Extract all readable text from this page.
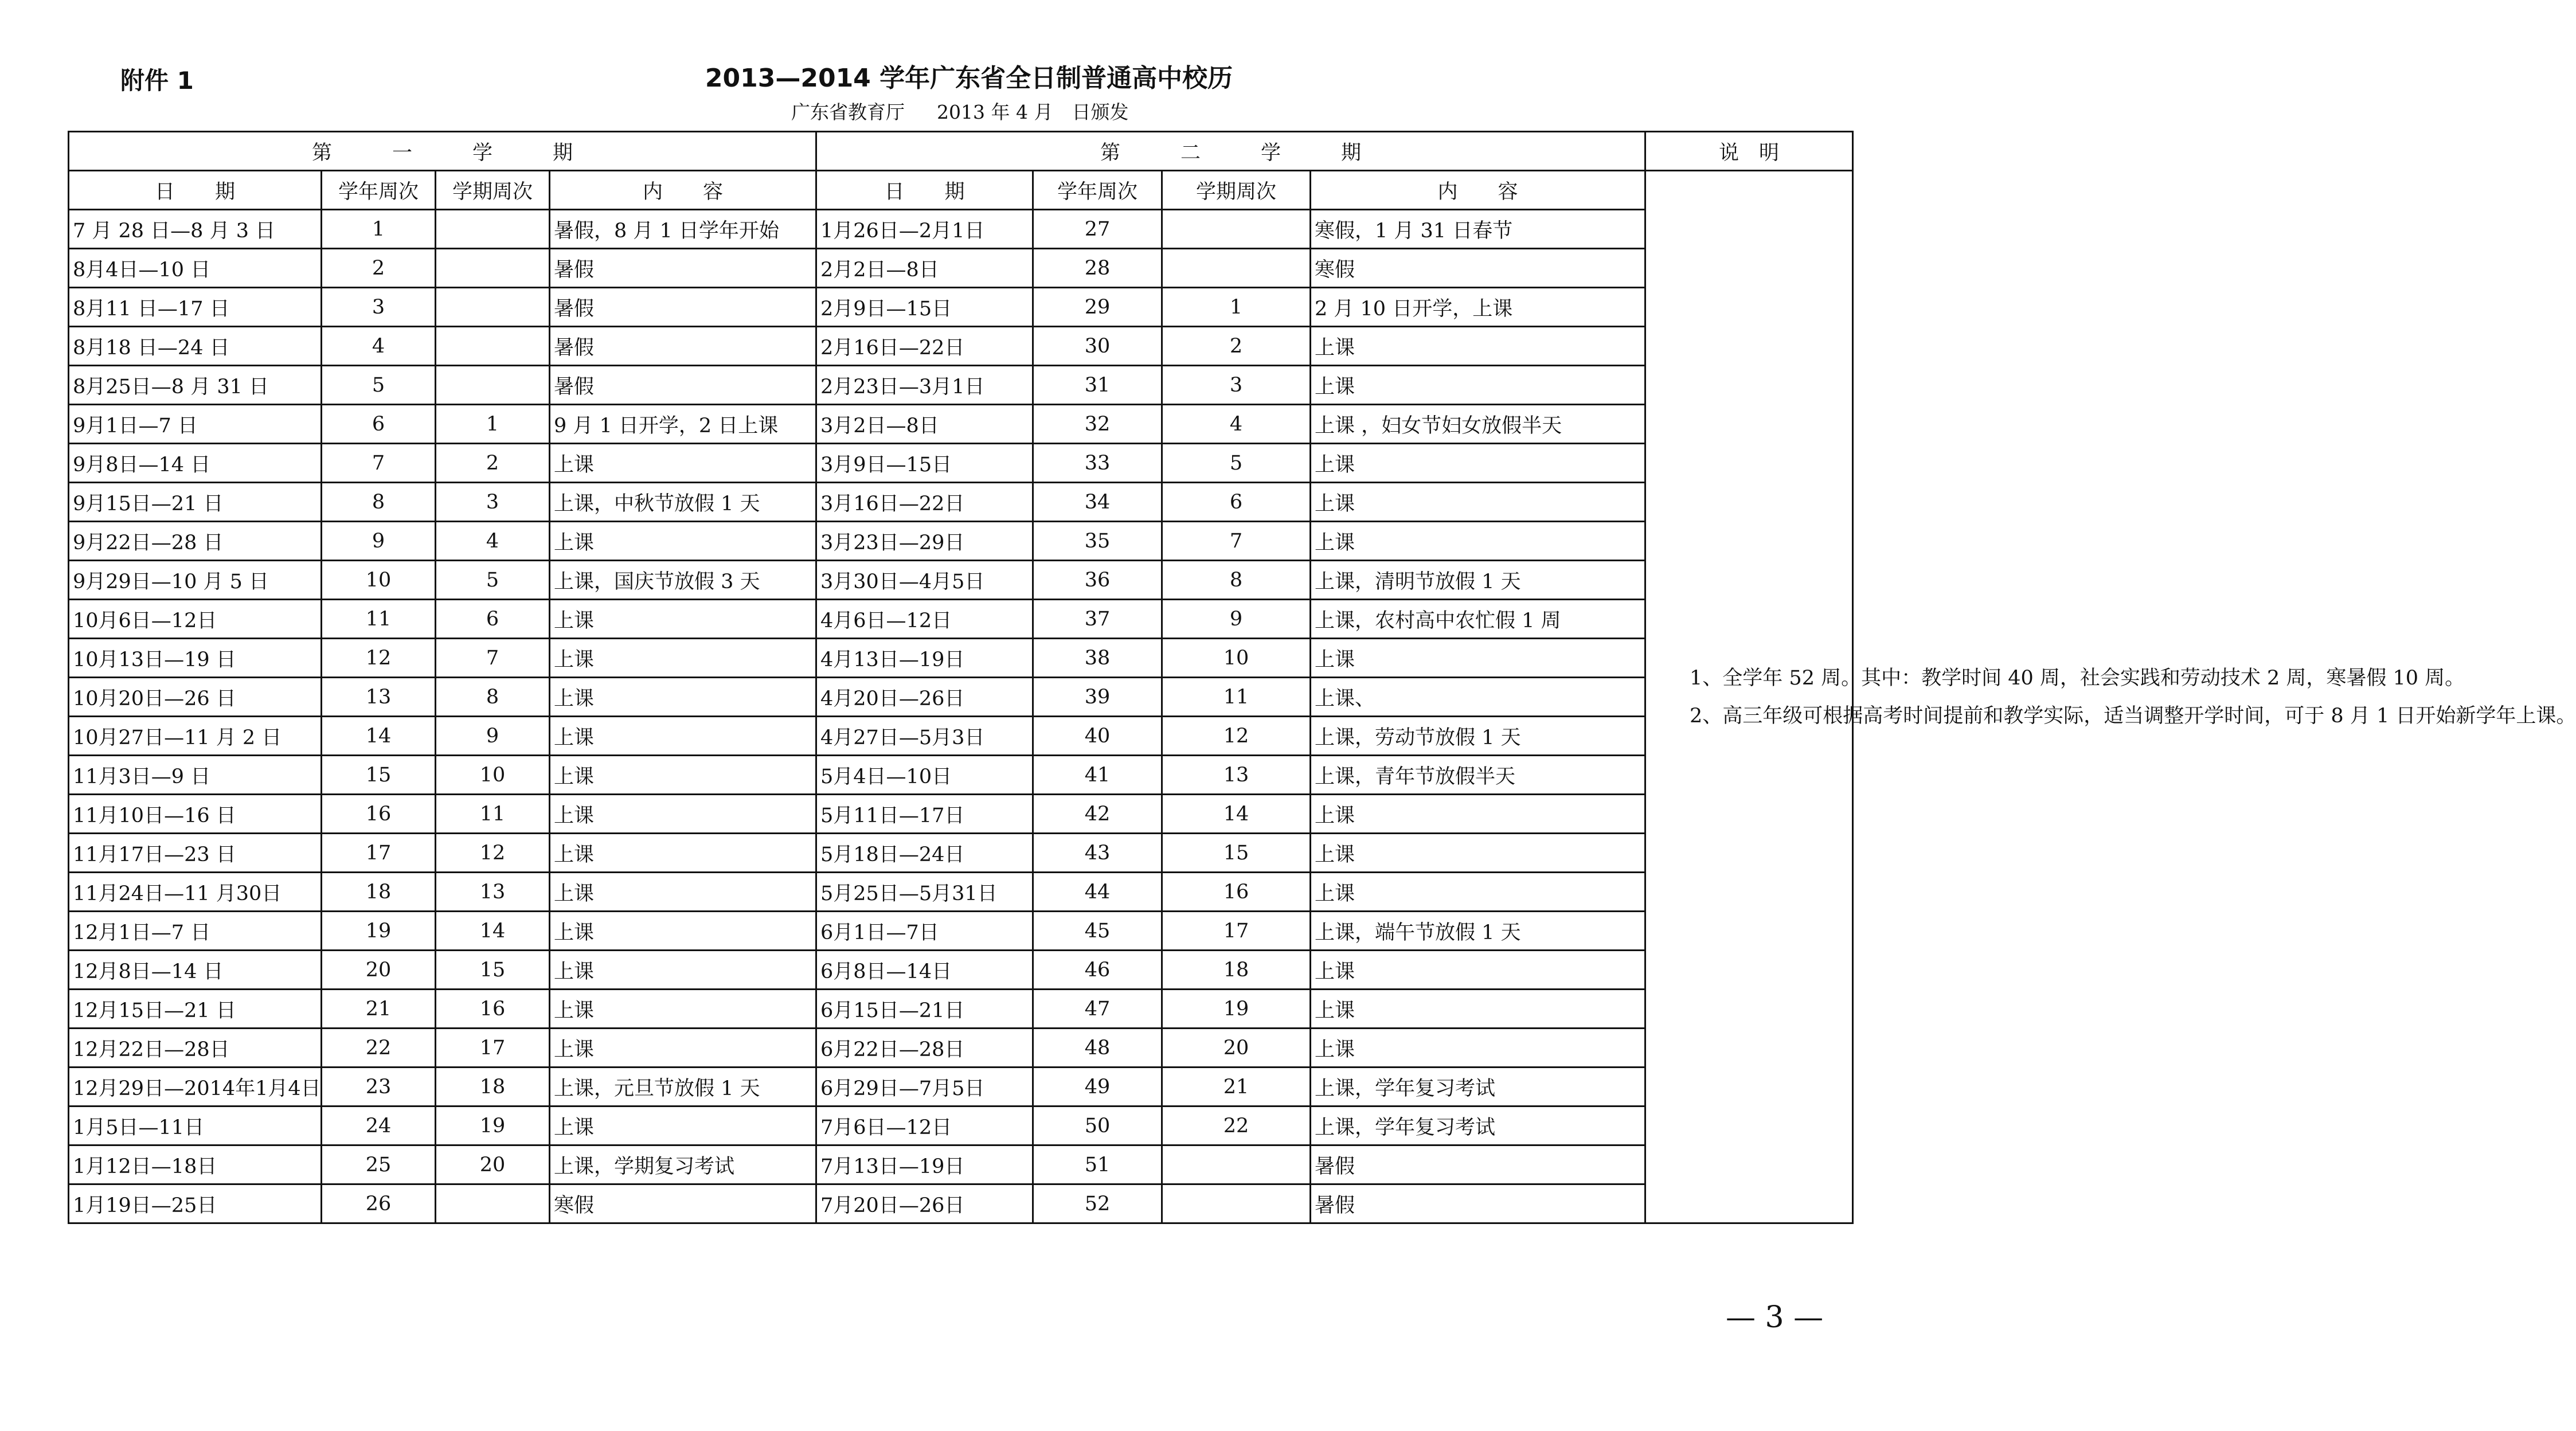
附件 1	2013—2014 学年广东省全日制普通高中校历
广东省教育厅 2013 年 4 月　日颁发
第　　　一　　　学　　　期				第　　　二　　　学　　　期				说　明
日　　期	学年周次	学期周次	内　　容	日　　期	学年周次	学期周次	内　　容	1、全学年 52 周。其中：教学时间 40 周，社会实践和劳动技术 2 周，寒暑假 10 周。

2、高三年级可根据高考时间提前和教学实际，适当调整开学时间，可于 8 月 1 日开始新学年上课。

7 月 28 日—8 月 3 日	1		暑假，8 月 1 日学年开始	1月26日—2月1日	27		寒假，1 月 31 日春节	
8月4日—10 日	2		暑假	2月2日—8日	28		寒假	
8月11 日—17 日	3		暑假	2月9日—15日	29	1	2 月 10 日开学，上课	
8月18 日—24 日	4		暑假	2月16日—22日	30	2	上课	
8月25日—8 月 31 日	5		暑假	2月23日—3月1日	31	3	上课	
9月1日—7 日	6	1	9 月 1 日开学，2 日上课	3月2日—8日	32	4	上课 ，妇女节妇女放假半天	
9月8日—14 日	7	2	上课	3月9日—15日	33	5	上课	
9月15日—21 日	8	3	上课，中秋节放假 1 天	3月16日—22日	34	6	上课	
9月22日—28 日	9	4	上课	3月23日—29日	35	7	上课	
9月29日—10 月 5 日	10	5	上课，国庆节放假 3 天	3月30日—4月5日	36	8	上课，清明节放假 1 天	
10月6日—12日	11	6	上课	4月6日—12日	37	9	上课，农村高中农忙假 1 周	
10月13日—19 日	12	7	上课	4月13日—19日	38	10	上课	
10月20日—26 日	13	8	上课	4月20日—26日	39	11	上课、	
10月27日—11 月 2 日	14	9	上课	4月27日—5月3日	40	12	上课，劳动节放假 1 天	
11月3日—9 日	15	10	上课	5月4日—10日	41	13	上课，青年节放假半天	
11月10日—16 日	16	11	上课	5月11日—17日	42	14	上课	
11月17日—23 日	17	12	上课	5月18日—24日	43	15	上课	
11月24日—11 月30日	18	13	上课	5月25日—5月31日	44	16	上课	
12月1日—7 日	19	14	上课	6月1日—7日	45	17	上课，端午节放假 1 天	
12月8日—14 日	20	15	上课	6月8日—14日	46	18	上课	
12月15日—21 日	21	16	上课	6月15日—21日	47	19	上课	
12月22日—28日	22	17	上课	6月22日—28日	48	20	上课	
12月29日—2014年1月4日	23	18	上课，元旦节放假 1 天	6月29日—7月5日	49	21	上课，学年复习考试	
1月5日—11日	24	19	上课	7月6日—12日	50	22	上课，学年复习考试	
1月12日—18日	25	20	上课，学期复习考试	7月13日—19日	51		暑假	
1月19日—25日	26		寒假	7月20日—26日	52		暑假	
— 3 —
